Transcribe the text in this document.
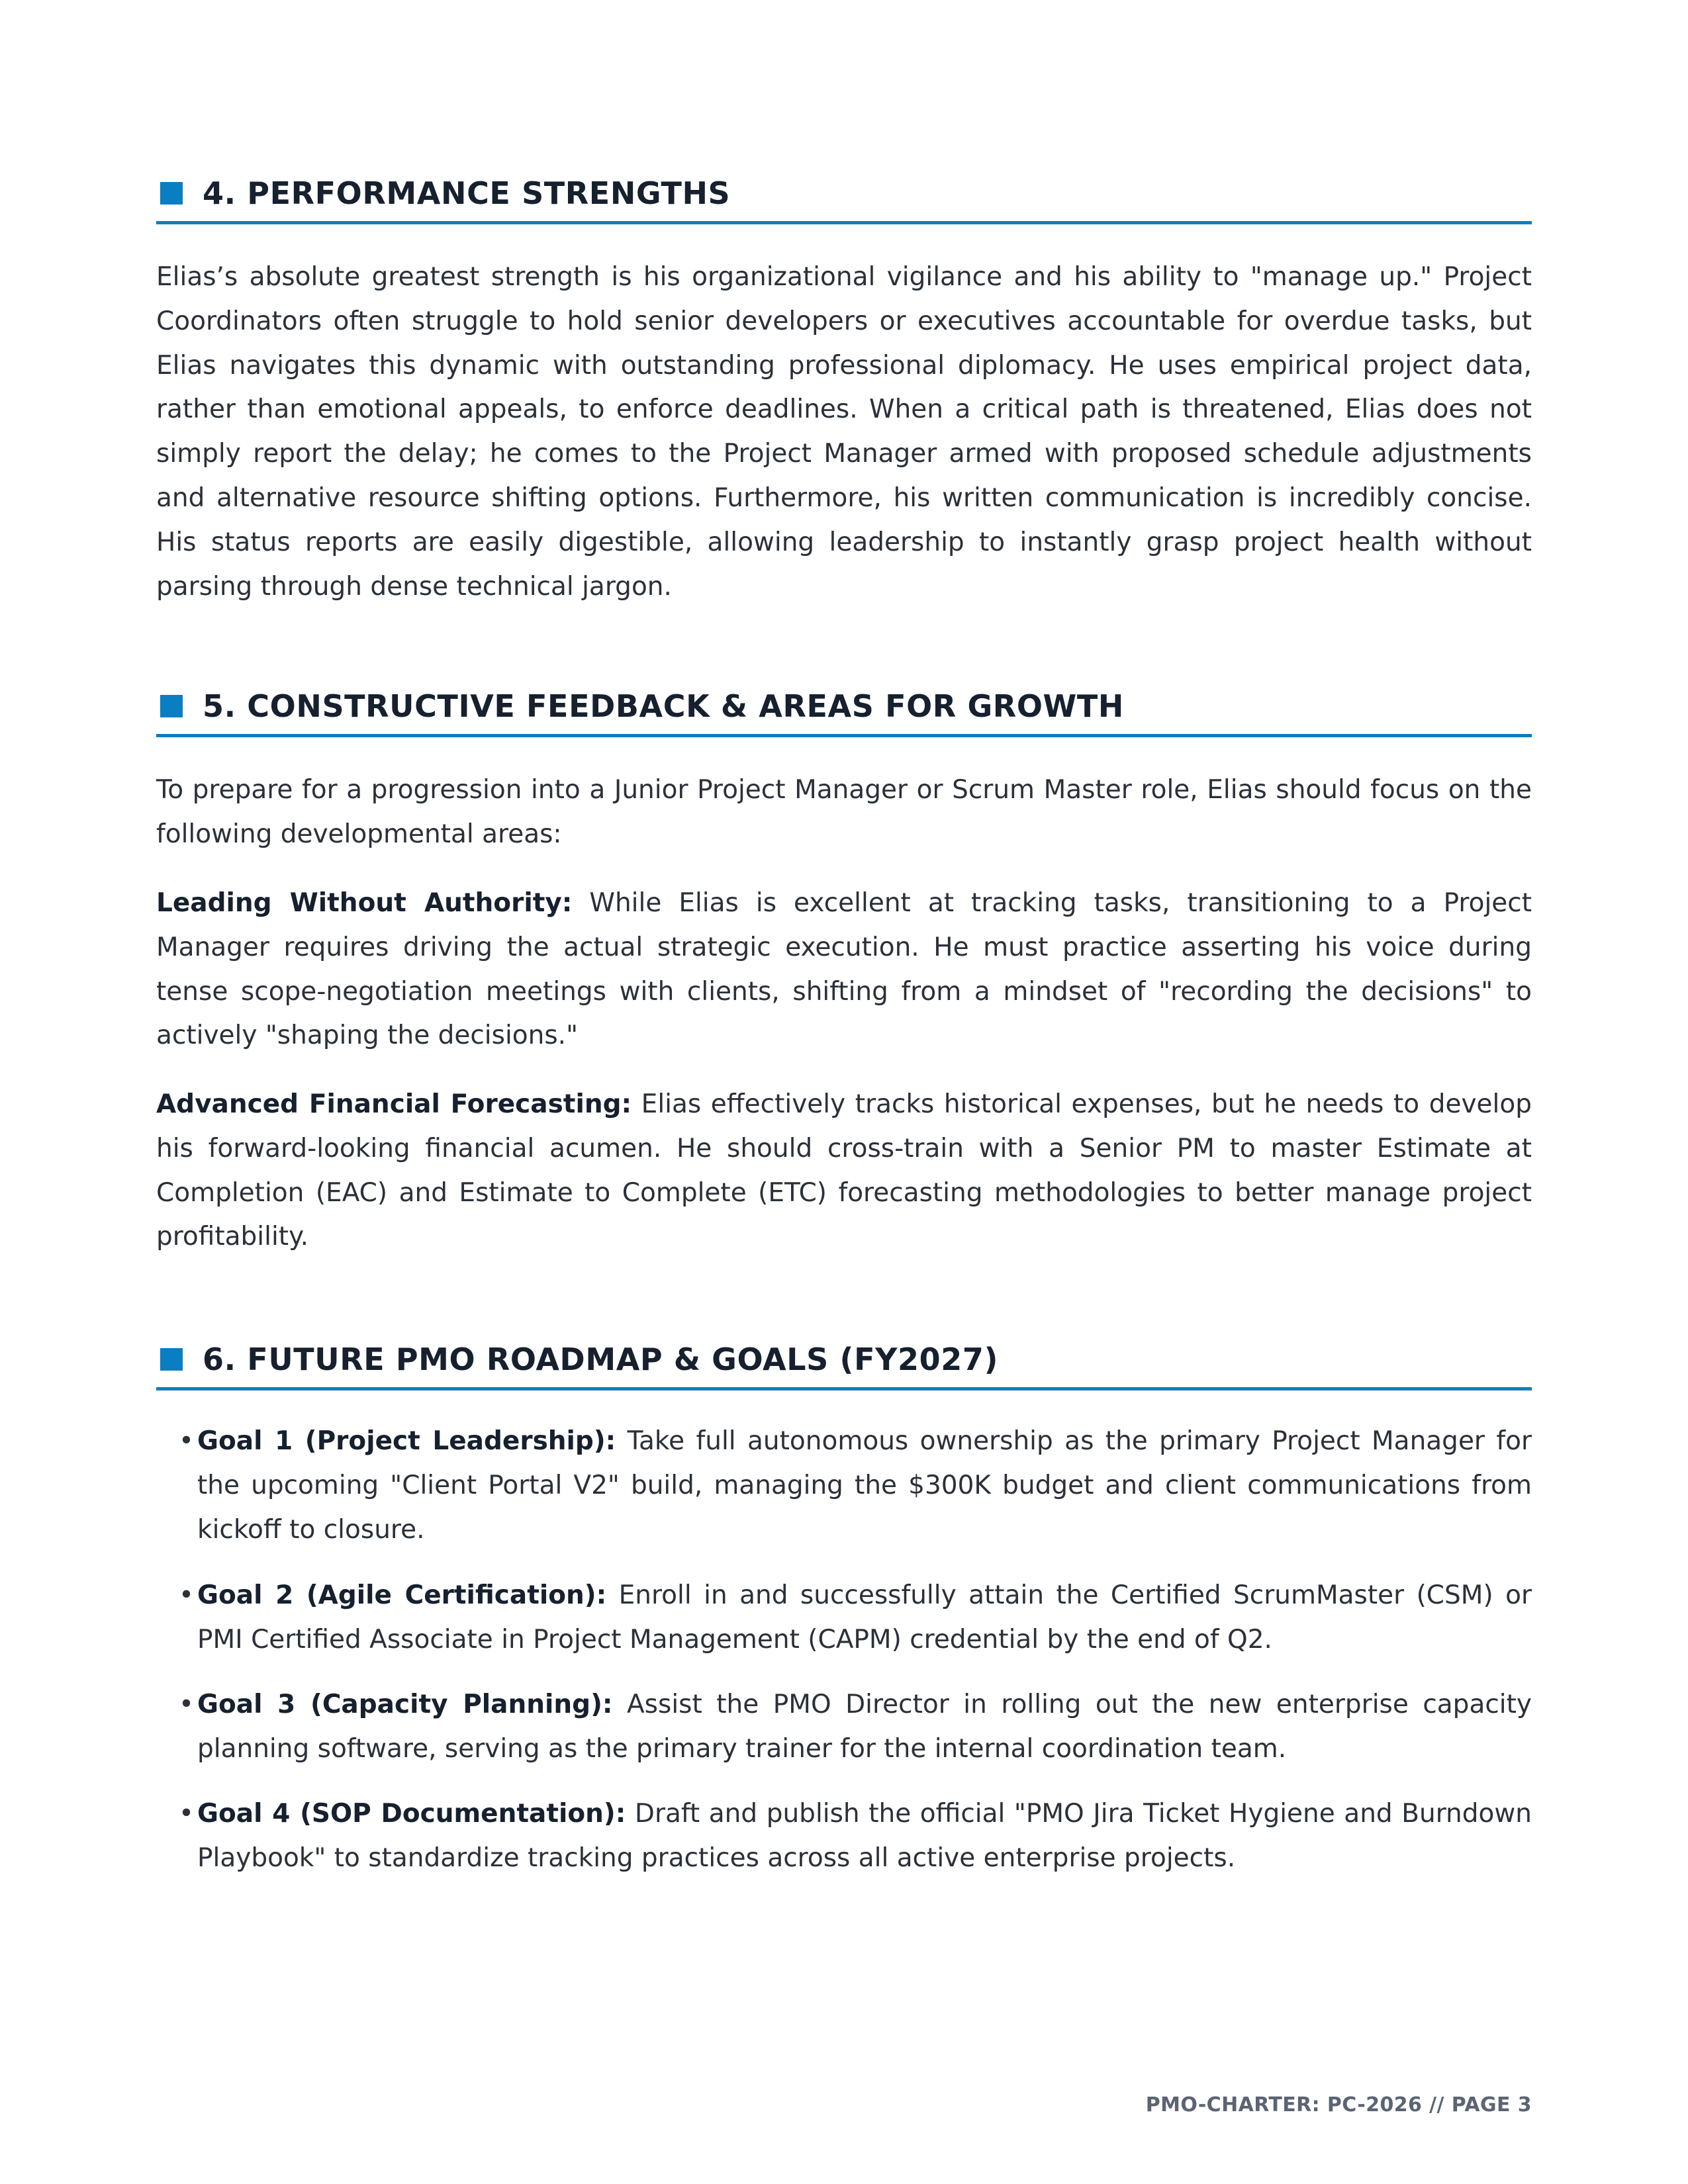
4. PERFORMANCE STRENGTHS

Elias’s absolute greatest strength is his organizational vigilance and his ability to "manage up." Project Coordinators often struggle to hold senior developers or executives accountable for overdue tasks, but Elias navigates this dynamic with outstanding professional diplomacy. He uses empirical project data, rather than emotional appeals, to enforce deadlines. When a critical path is threatened, Elias does not simply report the delay; he comes to the Project Manager armed with proposed schedule adjustments and alternative resource shifting options. Furthermore, his written communication is incredibly concise. His status reports are easily digestible, allowing leadership to instantly grasp project health without parsing through dense technical jargon.

5. CONSTRUCTIVE FEEDBACK & AREAS FOR GROWTH

To prepare for a progression into a Junior Project Manager or Scrum Master role, Elias should focus on the following developmental areas:

Leading Without Authority: While Elias is excellent at tracking tasks, transitioning to a Project Manager requires driving the actual strategic execution. He must practice asserting his voice during tense scope-negotiation meetings with clients, shifting from a mindset of "recording the decisions" to actively "shaping the decisions."

Advanced Financial Forecasting: Elias effectively tracks historical expenses, but he needs to develop his forward-looking financial acumen. He should cross-train with a Senior PM to master Estimate at Completion (EAC) and Estimate to Complete (ETC) forecasting methodologies to better manage project profitability.

6. FUTURE PMO ROADMAP & GOALS (FY2027)
• Goal 1 (Project Leadership): Take full autonomous ownership as the primary Project Manager for the upcoming "Client Portal V2" build, managing the $300K budget and client communications from kickoff to closure.

• Goal 2 (Agile Certification): Enroll in and successfully attain the Certified ScrumMaster (CSM) or PMI Certified Associate in Project Management (CAPM) credential by the end of Q2.

• Goal 3 (Capacity Planning): Assist the PMO Director in rolling out the new enterprise capacity planning software, serving as the primary trainer for the internal coordination team.

• Goal 4 (SOP Documentation): Draft and publish the official "PMO Jira Ticket Hygiene and Burndown Playbook" to standardize tracking practices across all active enterprise projects.

PMO-CHARTER: PC-2026 // PAGE 3
